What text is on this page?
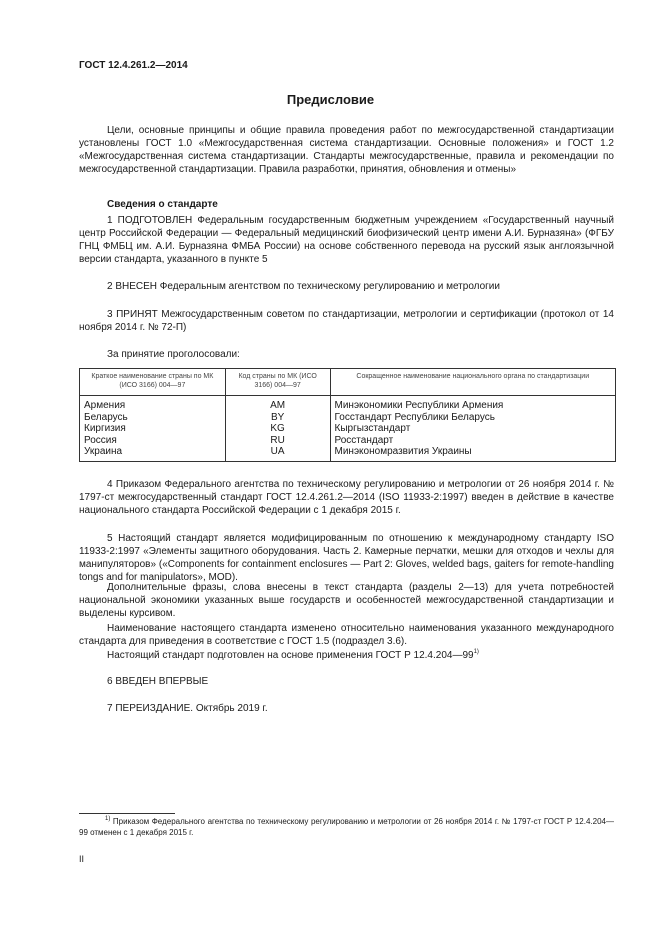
ГОСТ 12.4.261.2—2014
Предисловие

Цели, основные принципы и общие правила проведения работ по межгосударственной стандартизации установлены ГОСТ 1.0 «Межгосударственная система стандартизации. Основные положения» и ГОСТ 1.2 «Межгосударственная система стандартизации. Стандарты межгосударственные, правила и рекомендации по межгосударственной стандартизации. Правила разработки, принятия, обновления и отмены»

Сведения о стандарте

1 ПОДГОТОВЛЕН Федеральным государственным бюджетным учреждением «Государственный научный центр Российской Федерации — Федеральный медицинский биофизический центр имени А.И. Бурназяна» (ФГБУ ГНЦ ФМБЦ им. А.И. Бурназяна ФМБА России) на основе собственного перевода на русский язык англоязычной версии стандарта, указанного в пункте 5

2 ВНЕСЕН Федеральным агентством по техническому регулированию и метрологии

3 ПРИНЯТ Межгосударственным советом по стандартизации, метрологии и сертификации (протокол от 14 ноября 2014 г. № 72-П)

За принятие проголосовали:

Краткое наименование страны по МК (ИСО 3166) 004—97	Код страны по МК (ИСО 3166) 004—97	Сокращенное наименование национального органа по стандартизации
Армения	AM	Минэкономики Республики Армения
Беларусь	BY	Госстандарт Республики Беларусь
Киргизия	KG	Кыргызстандарт
Россия	RU	Росстандарт
Украина	UA	Минэкономразвития Украины

4 Приказом Федерального агентства по техническому регулированию и метрологии от 26 ноября 2014 г. № 1797-ст межгосударственный стандарт ГОСТ 12.4.261.2—2014 (ISO 11933-2:1997) введен в действие в качестве национального стандарта Российской Федерации с 1 декабря 2015 г.

5 Настоящий стандарт является модифицированным по отношению к международному стандарту ISO 11933-2:1997 «Элементы защитного оборудования. Часть 2. Камерные перчатки, мешки для отходов и чехлы для манипуляторов» («Components for containment enclosures — Part 2: Gloves, welded bags, gaiters for remote-handling tongs and for manipulators», MOD).

Дополнительные фразы, слова внесены в текст стандарта (разделы 2—13) для учета потребностей национальной экономики указанных выше государств и особенностей межгосударственной стандартизации и выделены курсивом.

Наименование настоящего стандарта изменено относительно наименования указанного международного стандарта для приведения в соответствие с ГОСТ 1.5 (подраздел 3.6).

Настоящий стандарт подготовлен на основе применения ГОСТ Р 12.4.204—99$^{1)}$

6 ВВЕДЕН ВПЕРВЫЕ

7 ПЕРЕИЗДАНИЕ. Октябрь 2019 г.

$^{1)}$ Приказом Федерального агентства по техническому регулированию и метрологии от 26 ноября 2014 г. № 1797-ст ГОСТ Р 12.4.204—99 отменен с 1 декабря 2015 г.

II
